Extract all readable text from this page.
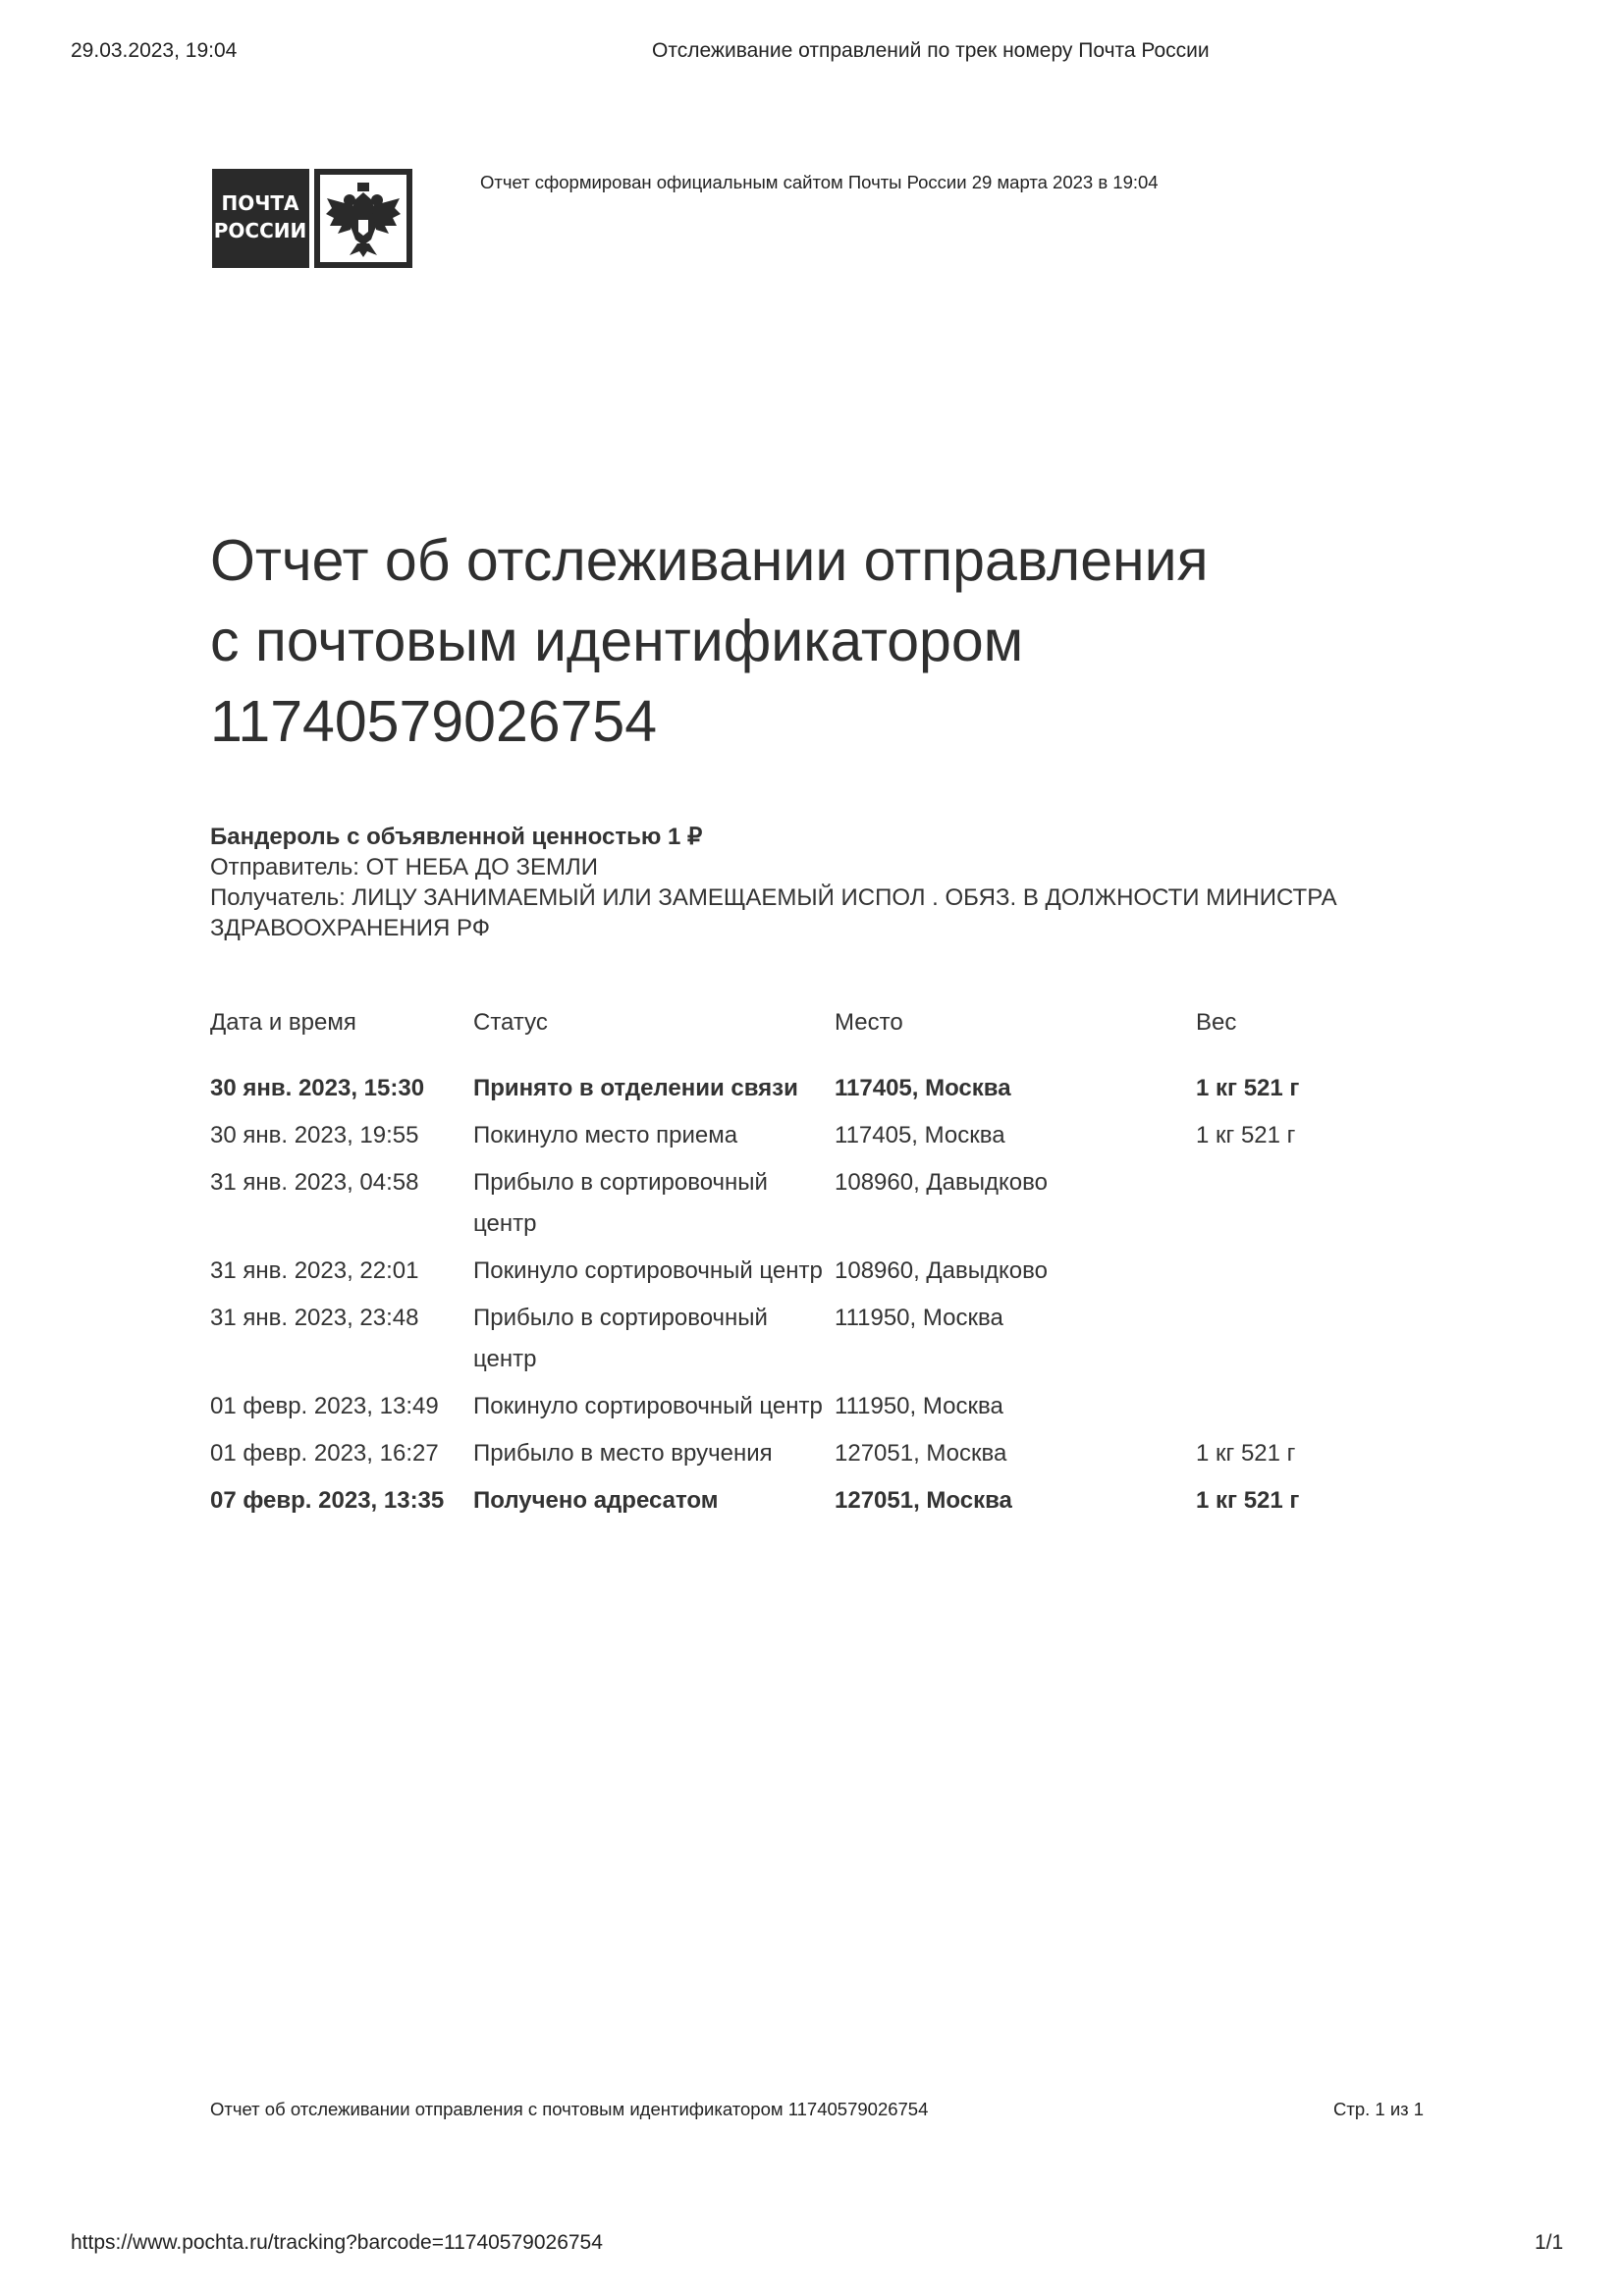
29.03.2023, 19:04	Отслеживание отправлений по трек номеру Почта России
ПОЧТА
РОССИИ
Отчет сформирован официальным сайтом Почты России 29 марта 2023 в 19:04
Отчет об отслеживании отправления
с почтовым идентификатором
11740579026754
Бандероль с объявленной ценностью 1 ₽
Отправитель: ОТ НЕБА ДО ЗЕМЛИ
Получатель: ЛИЦУ ЗАНИМАЕМЫЙ ИЛИ ЗАМЕЩАЕМЫЙ ИСПОЛ . ОБЯЗ. В ДОЛЖНОСТИ МИНИСТРА
ЗДРАВООХРАНЕНИЯ РФ
Дата и время	Статус	Место	Вес
30 янв. 2023, 15:30	Принято в отделении связи	117405, Москва	1 кг 521 г
30 янв. 2023, 19:55	Покинуло место приема	117405, Москва	1 кг 521 г
31 янв. 2023, 04:58	Прибыло в сортировочный центр	108960, Давыдково	
31 янв. 2023, 22:01	Покинуло сортировочный центр	108960, Давыдково	
31 янв. 2023, 23:48	Прибыло в сортировочный центр	111950, Москва	
01 февр. 2023, 13:49	Покинуло сортировочный центр	111950, Москва	
01 февр. 2023, 16:27	Прибыло в место вручения	127051, Москва	1 кг 521 г
07 февр. 2023, 13:35	Получено адресатом	127051, Москва	1 кг 521 г
Отчет об отслеживании отправления с почтовым идентификатором 11740579026754	Стр. 1 из 1
https://www.pochta.ru/tracking?barcode=11740579026754	1/1
